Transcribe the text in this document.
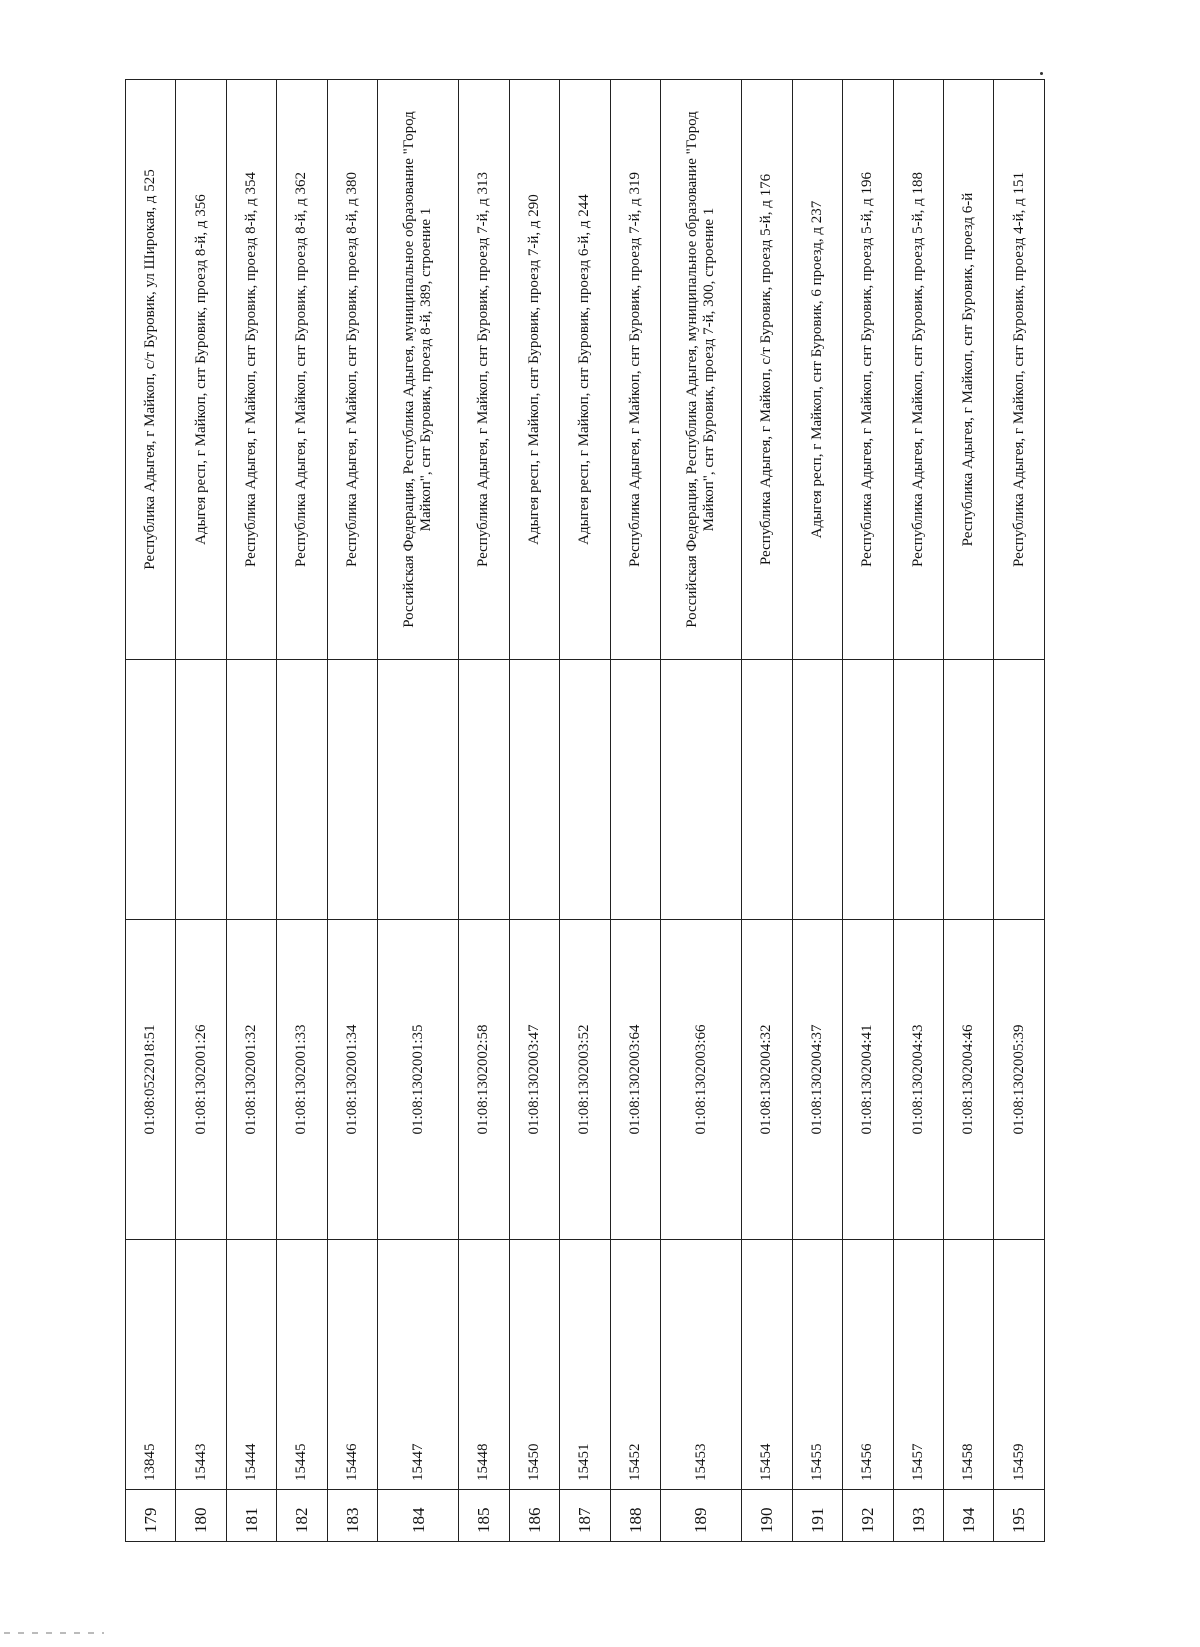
179	13845	01:08:0522018:51		Республика Адыгея, г Майкоп, с/т Буровик, ул Широкая, д 525
180	15443	01:08:1302001:26		Адыгея респ, г Майкоп, снт Буровик, проезд 8-й, д 356
181	15444	01:08:1302001:32		Республика Адыгея, г Майкоп, снт Буровик, проезд 8-й, д 354
182	15445	01:08:1302001:33		Республика Адыгея, г Майкоп, снт Буровик, проезд 8-й, д 362
183	15446	01:08:1302001:34		Республика Адыгея, г Майкоп, снт Буровик, проезд 8-й, д 380
184	15447	01:08:1302001:35		Российская Федерация, Республика Адыгея, муниципальное образование "Город Майкоп", снт Буровик, проезд 8-й, 389, строение 1
185	15448	01:08:1302002:58		Республика Адыгея, г Майкоп, снт Буровик, проезд 7-й, д 313
186	15450	01:08:1302003:47		Адыгея респ, г Майкоп, снт Буровик, проезд 7-й, д 290
187	15451	01:08:1302003:52		Адыгея респ, г Майкоп, снт Буровик, проезд 6-й, д 244
188	15452	01:08:1302003:64		Республика Адыгея, г Майкоп, снт Буровик, проезд 7-й, д 319
189	15453	01:08:1302003:66		Российская Федерация, Республика Адыгея, муниципальное образование "Город Майкоп", снт Буровик, проезд 7-й, 300, строение 1
190	15454	01:08:1302004:32		Республика Адыгея, г Майкоп, с/т Буровик, проезд 5-й, д 176
191	15455	01:08:1302004:37		Адыгея респ, г Майкоп, снт Буровик, 6 проезд, д 237
192	15456	01:08:1302004:41		Республика Адыгея, г Майкоп, снт Буровик, проезд 5-й, д 196
193	15457	01:08:1302004:43		Республика Адыгея, г Майкоп, снт Буровик, проезд 5-й, д 188
194	15458	01:08:1302004:46		Республика Адыгея, г Майкоп, снт Буровик, проезд 6-й
195	15459	01:08:1302005:39		Республика Адыгея, г Майкоп, снт Буровик, проезд 4-й, д 151
